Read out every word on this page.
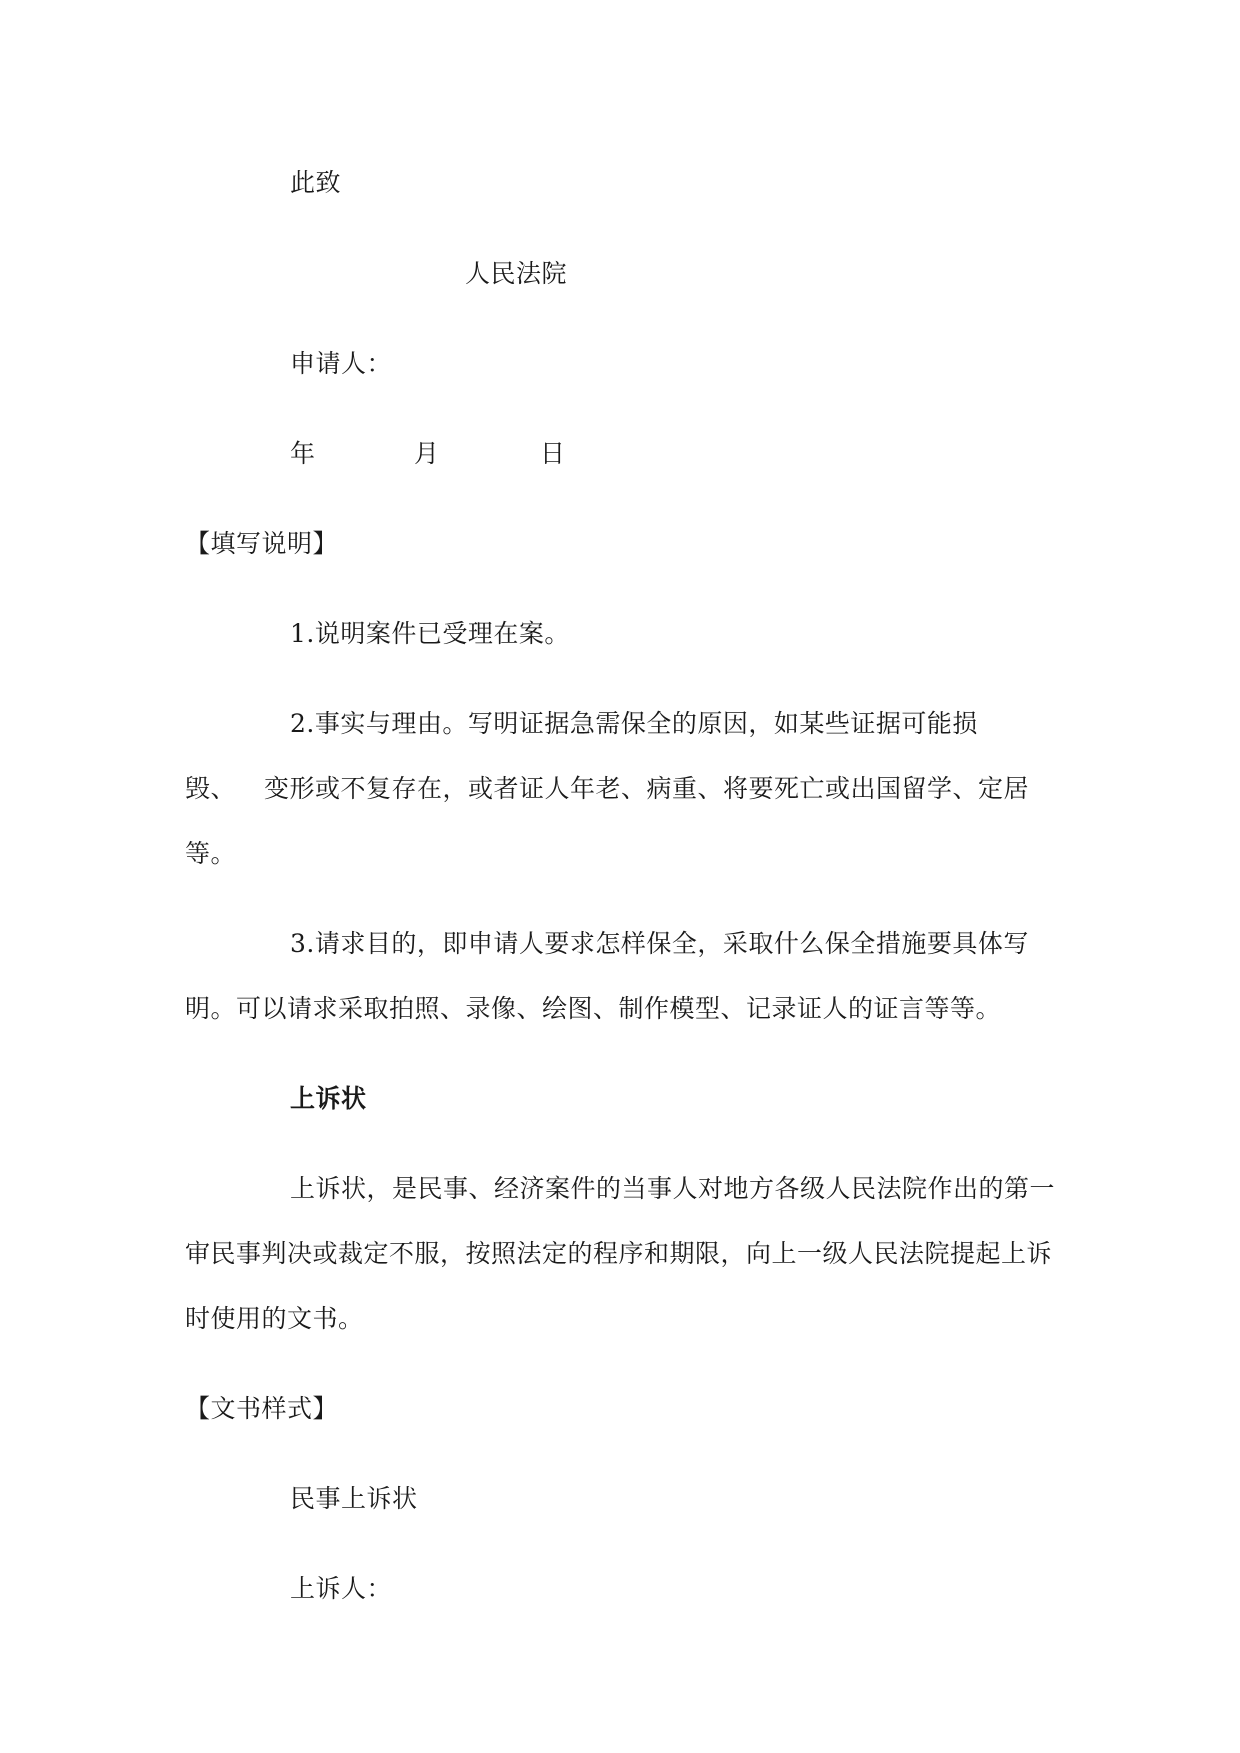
此致
人民法院
申请人：
年	月	日
【填写说明】
1.说明案件已受理在案。
2.事实与理由。写明证据急需保全的原因，如某些证据可能损
毁、 变形或不复存在，或者证人年老、病重、将要死亡或出国留学、定居
等。
3.请求目的，即申请人要求怎样保全，采取什么保全措施要具体写
明。可以请求采取拍照、录像、绘图、制作模型、记录证人的证言等等。
上诉状
上诉状，是民事、经济案件的当事人对地方各级人民法院作出的第一
审民事判决或裁定不服，按照法定的程序和期限，向上一级人民法院提起上诉
时使用的文书。
【文书样式】
民事上诉状
上诉人：
